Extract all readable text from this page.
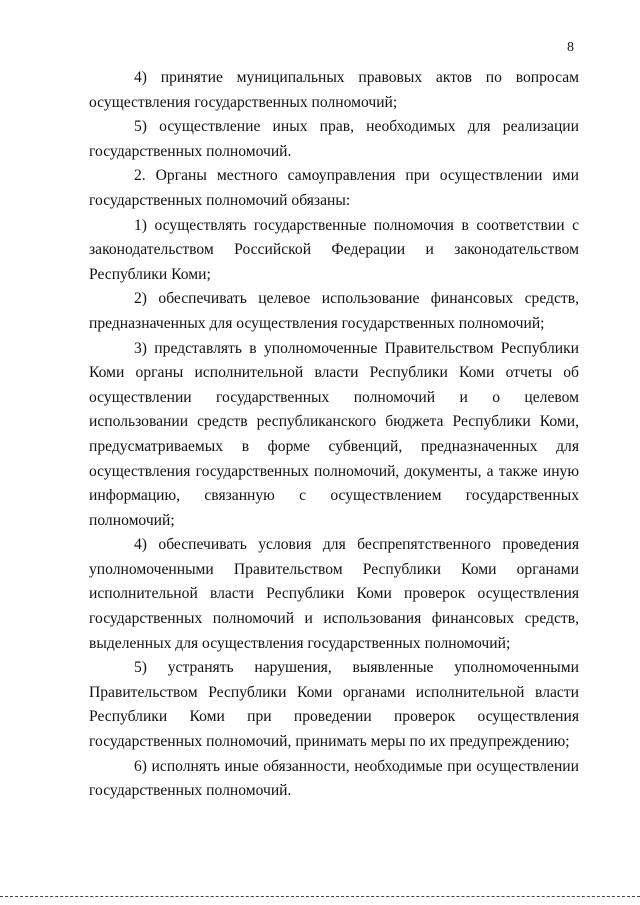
8

4) принятие муниципальных правовых актов по вопросам осуществления государственных полномочий;

5) осуществление иных прав, необходимых для реализации государственных полномочий.

2. Органы местного самоуправления при осуществлении ими государственных полномочий обязаны:

1) осуществлять государственные полномочия в соответствии с законодательством Российской Федерации и законодательством Республики Коми;

2) обеспечивать целевое использование финансовых средств, предназначенных для осуществления государственных полномочий;

3) представлять в уполномоченные Правительством Республики Коми органы исполнительной власти Республики Коми отчеты об осуществлении государственных полномочий и о целевом использовании средств республиканского бюджета Республики Коми, предусматриваемых в форме субвенций, предназначенных для осуществления государственных полномочий, документы, а также иную информацию, связанную с осуществлением государственных полномочий;

4) обеспечивать условия для беспрепятственного проведения уполномоченными Правительством Республики Коми органами исполнительной власти Республики Коми проверок осуществления государственных полномочий и использования финансовых средств, выделенных для осуществления государственных полномочий;

5) устранять нарушения, выявленные уполномоченными Правительством Республики Коми органами исполнительной власти Республики Коми при проведении проверок осуществления государственных полномочий, принимать меры по их предупреждению;

6) исполнять иные обязанности, необходимые при осуществлении государственных полномочий.
